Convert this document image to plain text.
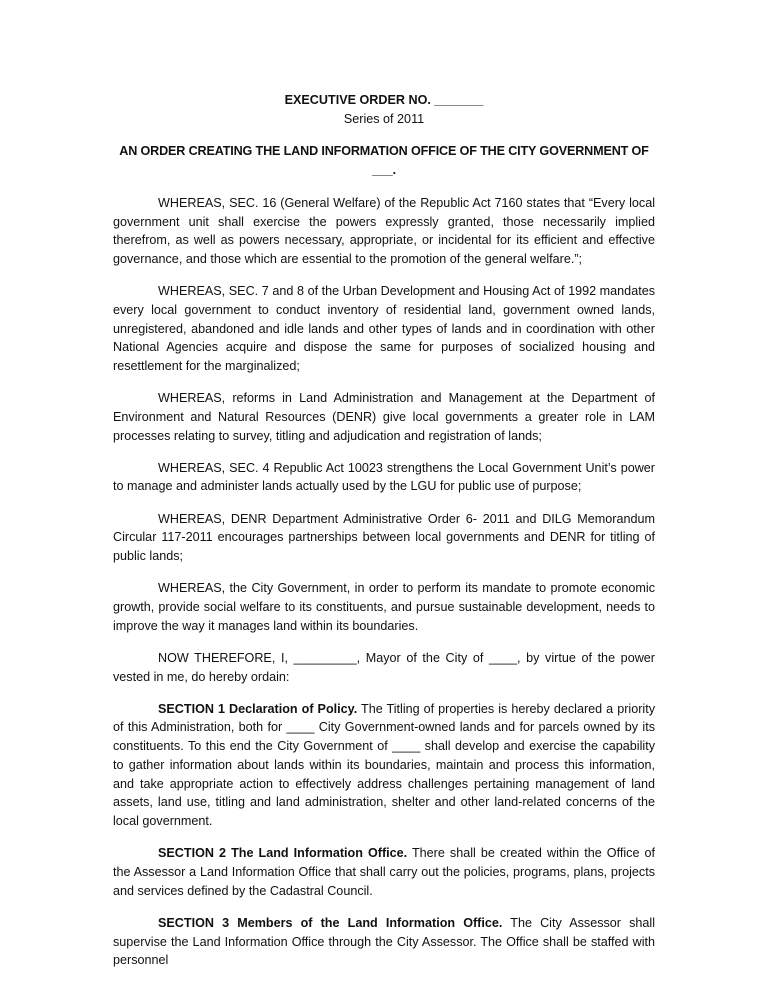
EXECUTIVE ORDER NO. _______
Series of 2011
AN ORDER CREATING THE LAND INFORMATION OFFICE OF THE CITY GOVERNMENT OF ___.

WHEREAS, SEC. 16 (General Welfare) of the Republic Act 7160 states that “Every local government unit shall exercise the powers expressly granted, those necessarily implied therefrom, as well as powers necessary, appropriate, or incidental for its efficient and effective governance, and those which are essential to the promotion of the general welfare.”;

WHEREAS, SEC. 7 and 8 of the Urban Development and Housing Act of 1992 mandates every local government to conduct inventory of residential land, government owned lands, unregistered, abandoned and idle lands and other types of lands and in coordination with other National Agencies acquire and dispose the same for purposes of socialized housing and resettlement for the marginalized;

WHEREAS, reforms in Land Administration and Management at the Department of Environment and Natural Resources (DENR) give local governments a greater role in LAM processes relating to survey, titling and adjudication and registration of lands;

WHEREAS, SEC. 4 Republic Act 10023 strengthens the Local Government Unit’s power to manage and administer lands actually used by the LGU for public use of purpose;

WHEREAS, DENR Department Administrative Order 6- 2011 and DILG Memorandum Circular 117-2011 encourages partnerships between local governments and DENR for titling of public lands;

WHEREAS, the City Government, in order to perform its mandate to promote economic growth, provide social welfare to its constituents, and pursue sustainable development, needs to improve the way it manages land within its boundaries.

NOW THEREFORE, I, _________, Mayor of the City of ____, by virtue of the power vested in me, do hereby ordain:

SECTION 1 Declaration of Policy. The Titling of properties is hereby declared a priority of this Administration, both for ____ City Government-owned lands and for parcels owned by its constituents. To this end the City Government of ____ shall develop and exercise the capability to gather information about lands within its boundaries, maintain and process this information, and take appropriate action to effectively address challenges pertaining management of land assets, land use, titling and land administration, shelter and other land-related concerns of the local government.

SECTION 2 The Land Information Office. There shall be created within the Office of the Assessor a Land Information Office that shall carry out the policies, programs, plans, projects and services defined by the Cadastral Council.

SECTION 3 Members of the Land Information Office. The City Assessor shall supervise the Land Information Office through the City Assessor. The Office shall be staffed with personnel
